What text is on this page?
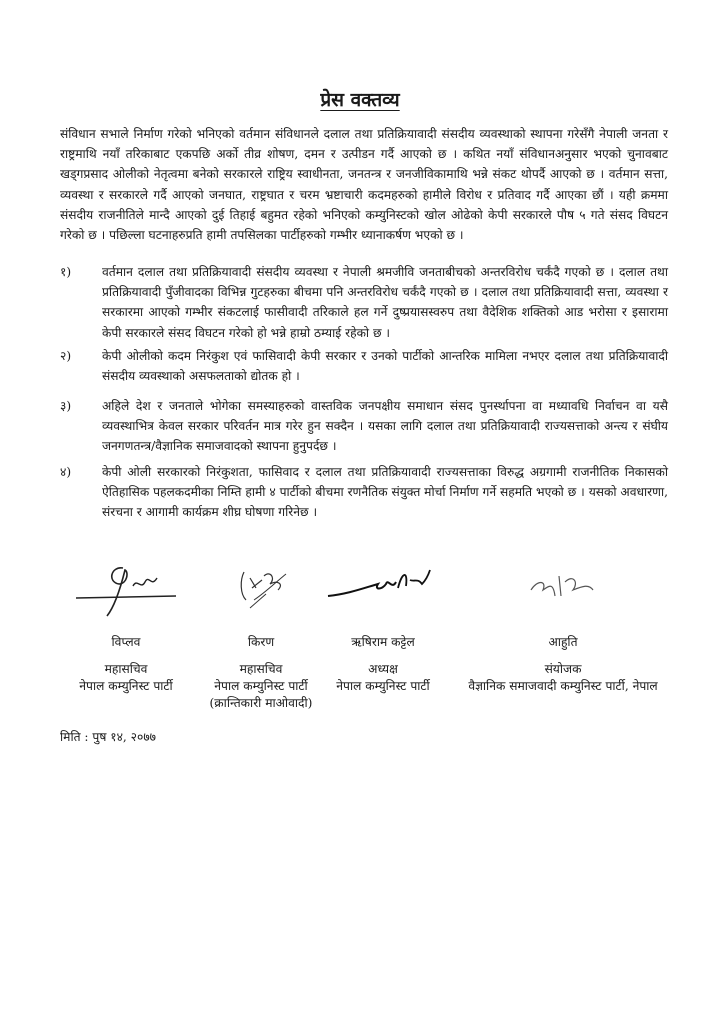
प्रेस वक्तव्य
संविधान सभाले निर्माण गरेको भनिएको वर्तमान संविधानले दलाल तथा प्रतिक्रियावादी संसदीय व्यवस्थाको स्थापना गरेसँगै नेपाली जनता र राष्ट्रमाथि नयाँ तरिकाबाट एकपछि अर्को तीव्र शोषण, दमन र उत्पीडन गर्दै आएको छ । कथित नयाँ संविधानअनुसार भएको चुनावबाट खड्गप्रसाद ओलीको नेतृत्वमा बनेको सरकारले राष्ट्रिय स्वाधीनता, जनतन्त्र र जनजीविकामाथि भन्ने संकट थोपर्दै आएको छ । वर्तमान सत्ता, व्यवस्था र सरकारले गर्दै आएको जनघात, राष्ट्रघात र चरम भ्रष्टाचारी कदमहरुको हामीले विरोध र प्रतिवाद गर्दै आएका छौं । यही क्रममा संसदीय राजनीतिले मान्दै आएको दुई तिहाई बहुमत रहेको भनिएको कम्युनिस्टको खोल ओढेको केपी सरकारले पौष ५ गते संसद विघटन गरेको छ । पछिल्ला घटनाहरुप्रति हामी तपसिलका पार्टीहरुको गम्भीर ध्यानाकर्षण भएको छ ।
१)	वर्तमान दलाल तथा प्रतिक्रियावादी संसदीय व्यवस्था र नेपाली श्रमजीवि जनताबीचको अन्तरविरोध चर्कंदै गएको छ । दलाल तथा प्रतिक्रियावादी पुँजीवादका विभिन्न गुटहरुका बीचमा पनि अन्तरविरोध चर्कंदै गएको छ । दलाल तथा प्रतिक्रियावादी सत्ता, व्यवस्था र सरकारमा आएको गम्भीर संकटलाई फासीवादी तरिकाले हल गर्ने दुष्प्रयासस्वरुप तथा वैदेशिक शक्तिको आड भरोसा र इसारामा केपी सरकारले संसद विघटन गरेको हो भन्ने हाम्रो ठम्याई रहेको छ ।
२)	केपी ओलीको कदम निरंकुश एवं फासिवादी केपी सरकार र उनको पार्टीको आन्तरिक मामिला नभएर दलाल तथा प्रतिक्रियावादी संसदीय व्यवस्थाको असफलताको द्योतक हो ।
३)	अहिले देश र जनताले भोगेका समस्याहरुको वास्तविक जनपक्षीय समाधान संसद पुनर्स्थापना वा मध्यावधि निर्वाचन वा यसै व्यवस्थाभित्र केवल सरकार परिवर्तन मात्र गरेर हुन सक्दैन । यसका लागि दलाल तथा प्रतिक्रियावादी राज्यसत्ताको अन्त्य र संघीय जनगणतन्त्र/वैज्ञानिक समाजवादको स्थापना हुनुपर्दछ ।
४)	केपी ओली सरकारको निरंकुशता, फासिवाद र दलाल तथा प्रतिक्रियावादी राज्यसत्ताका विरुद्ध अग्रगामी राजनीतिक निकासको ऐतिहासिक पहलकदमीका निम्ति हामी ४ पार्टीको बीचमा रणनैतिक संयुक्त मोर्चा निर्माण गर्ने सहमति भएको छ । यसको अवधारणा, संरचना र आगामी कार्यक्रम शीघ्र घोषणा गरिनेछ ।
विप्लव
महासचिव
नेपाल कम्युनिस्ट पार्टी
किरण
महासचिव
नेपाल कम्युनिस्ट पार्टी
(क्रान्तिकारी माओवादी)
ऋषिराम कट्टेल
अध्यक्ष
नेपाल कम्युनिस्ट पार्टी
आहुति
संयोजक
वैज्ञानिक समाजवादी कम्युनिस्ट पार्टी, नेपाल
मिति : पुष १४, २०७७
